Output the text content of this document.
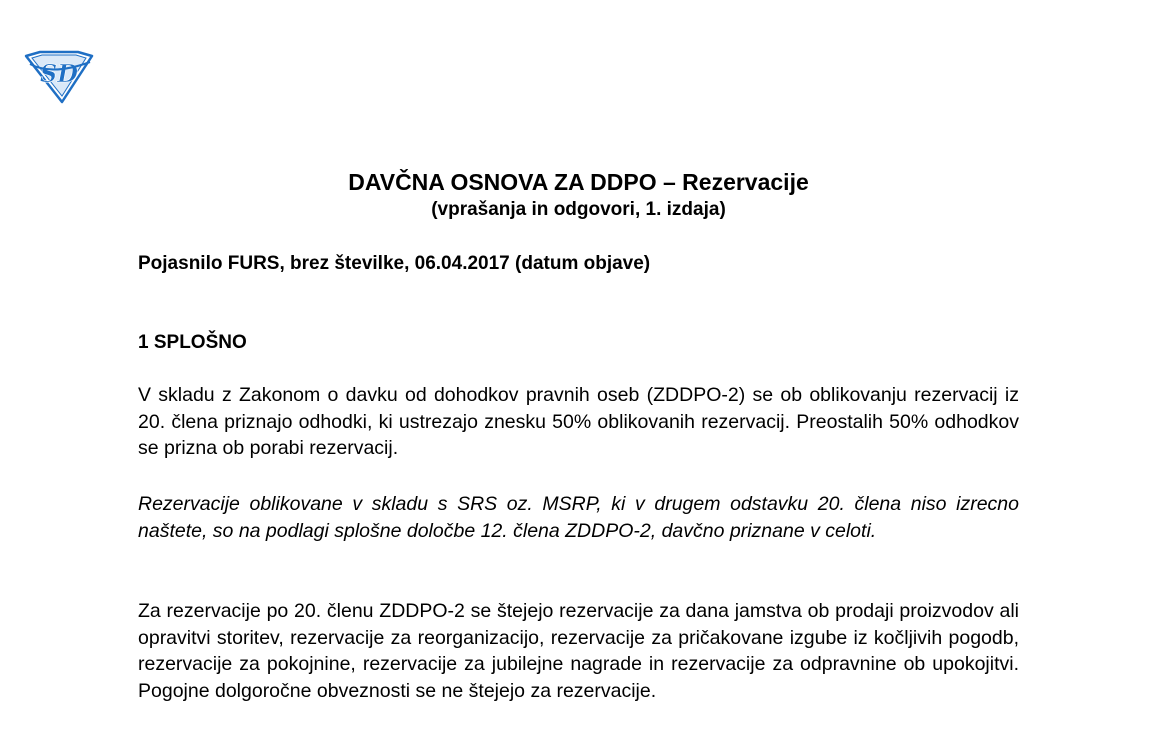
SD
DAVČNA OSNOVA ZA DDPO – Rezervacije

(vprašanja in odgovori, 1. izdaja)

Pojasnilo FURS, brez številke, 06.04.2017 (datum objave)

1 SPLOŠNO

V skladu z Zakonom o davku od dohodkov pravnih oseb (ZDDPO-2) se ob oblikovanju rezervacij iz 20. člena priznajo odhodki, ki ustrezajo znesku 50% oblikovanih rezervacij. Preostalih 50% odhodkov se prizna ob porabi rezervacij.

Rezervacije oblikovane v skladu s SRS oz. MSRP, ki v drugem odstavku 20. člena niso izrecno naštete, so na podlagi splošne določbe 12. člena ZDDPO-2, davčno priznane v celoti.

Za rezervacije po 20. členu ZDDPO-2 se štejejo rezervacije za dana jamstva ob prodaji proizvodov ali opravitvi storitev, rezervacije za reorganizacijo, rezervacije za pričakovane izgube iz kočljivih pogodb, rezervacije za pokojnine, rezervacije za jubilejne nagrade in rezervacije za odpravnine ob upokojitvi. Pogojne dolgoročne obveznosti se ne štejejo za rezervacije.
